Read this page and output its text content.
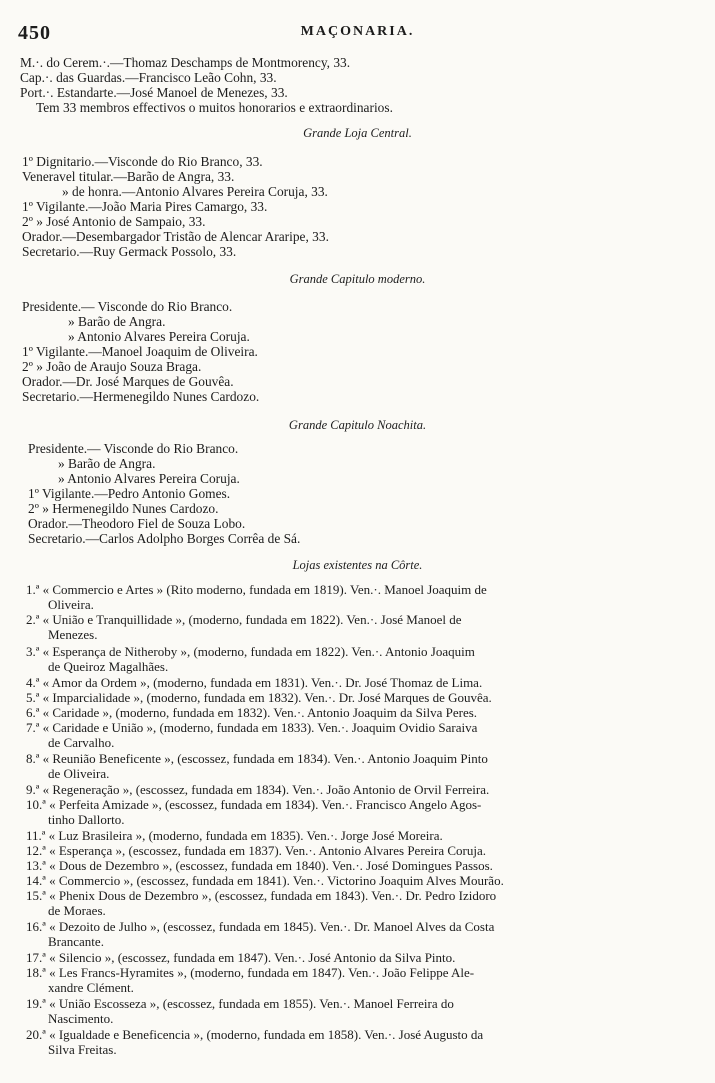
450	MAÇONARIA.
M.·. do Cerem.·.—Thomaz Deschamps de Montmorency, 33.
Cap.·. das Guardas.—Francisco Leão Cohn, 33.
Port.·. Estandarte.—José Manoel de Menezes, 33.
Tem 33 membros effectivos o muitos honorarios e extraordinarios.
Grande Loja Central.
1º Dignitario.—Visconde do Rio Branco, 33.
Veneravel titular.—Barão de Angra, 33.
» de honra.—Antonio Alvares Pereira Coruja, 33.
1º Vigilante.—João Maria Pires Camargo, 33.
2º » José Antonio de Sampaio, 33.
Orador.—Desembargador Tristão de Alencar Araripe, 33.
Secretario.—Ruy Germack Possolo, 33.
Grande Capitulo moderno.
Presidente.— Visconde do Rio Branco.
» Barão de Angra.
» Antonio Alvares Pereira Coruja.
1º Vigilante.—Manoel Joaquim de Oliveira.
2º » João de Araujo Souza Braga.
Orador.—Dr. José Marques de Gouvêa.
Secretario.—Hermenegildo Nunes Cardozo.
Grande Capitulo Noachita.
Presidente.— Visconde do Rio Branco.
» Barão de Angra.
» Antonio Alvares Pereira Coruja.
1º Vigilante.—Pedro Antonio Gomes.
2º » Hermenegildo Nunes Cardozo.
Orador.—Theodoro Fiel de Souza Lobo.
Secretario.—Carlos Adolpho Borges Corrêa de Sá.
Lojas existentes na Côrte.
1.ª « Commercio e Artes » (Rito moderno, fundada em 1819). Ven.·. Manoel Joaquim de
Oliveira.
2.ª « União e Tranquillidade », (moderno, fundada em 1822). Ven.·. José Manoel de
Menezes.
3.ª « Esperança de Nitheroby », (moderno, fundada em 1822). Ven.·. Antonio Joaquim
de Queiroz Magalhães.
4.ª « Amor da Ordem », (moderno, fundada em 1831). Ven.·. Dr. José Thomaz de Lima.
5.ª « Imparcialidade », (moderno, fundada em 1832). Ven.·. Dr. José Marques de Gouvêa.
6.ª « Caridade », (moderno, fundada em 1832). Ven.·. Antonio Joaquim da Silva Peres.
7.ª « Caridade e União », (moderno, fundada em 1833). Ven.·. Joaquim Ovidio Saraiva
de Carvalho.
8.ª « Reunião Beneficente », (escossez, fundada em 1834). Ven.·. Antonio Joaquim Pinto
de Oliveira.
9.ª « Regeneração », (escossez, fundada em 1834). Ven.·. João Antonio de Orvil Ferreira.
10.ª « Perfeita Amizade », (escossez, fundada em 1834). Ven.·. Francisco Angelo Agos-
tinho Dallorto.
11.ª « Luz Brasileira », (moderno, fundada em 1835). Ven.·. Jorge José Moreira.
12.ª « Esperança », (escossez, fundada em 1837). Ven.·. Antonio Alvares Pereira Coruja.
13.ª « Dous de Dezembro », (escossez, fundada em 1840). Ven.·. José Domingues Passos.
14.ª « Commercio », (escossez, fundada em 1841). Ven.·. Victorino Joaquim Alves Mourão.
15.ª « Phenix Dous de Dezembro », (escossez, fundada em 1843). Ven.·. Dr. Pedro Izidoro
de Moraes.
16.ª « Dezoito de Julho », (escossez, fundada em 1845). Ven.·. Dr. Manoel Alves da Costa
Brancante.
17.ª « Silencio », (escossez, fundada em 1847). Ven.·. José Antonio da Silva Pinto.
18.ª « Les Francs-Hyramites », (moderno, fundada em 1847). Ven.·. João Felippe Ale-
xandre Clément.
19.ª « União Escosseza », (escossez, fundada em 1855). Ven.·. Manoel Ferreira do
Nascimento.
20.ª « Igualdade e Beneficencia », (moderno, fundada em 1858). Ven.·. José Augusto da
Silva Freitas.
